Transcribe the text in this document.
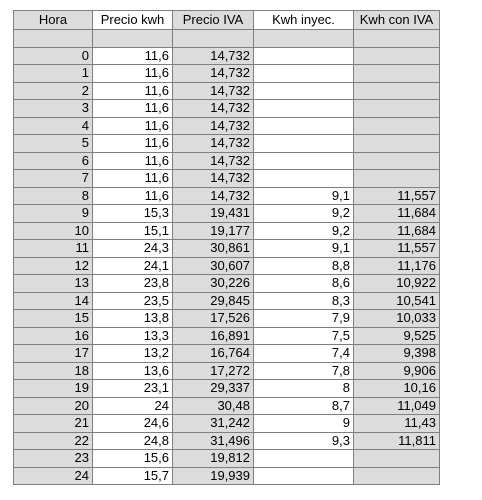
Hora	Precio kwh	Precio IVA	Kwh inyec.	Kwh con IVA

0	11,6	14,732		
1	11,6	14,732		
2	11,6	14,732		
3	11,6	14,732		
4	11,6	14,732		
5	11,6	14,732		
6	11,6	14,732		
7	11,6	14,732		
8	11,6	14,732	9,1	11,557
9	15,3	19,431	9,2	11,684
10	15,1	19,177	9,2	11,684
11	24,3	30,861	9,1	11,557
12	24,1	30,607	8,8	11,176
13	23,8	30,226	8,6	10,922
14	23,5	29,845	8,3	10,541
15	13,8	17,526	7,9	10,033
16	13,3	16,891	7,5	9,525
17	13,2	16,764	7,4	9,398
18	13,6	17,272	7,8	9,906
19	23,1	29,337	8	10,16
20	24	30,48	8,7	11,049
21	24,6	31,242	9	11,43
22	24,8	31,496	9,3	11,811
23	15,6	19,812		
24	15,7	19,939		
